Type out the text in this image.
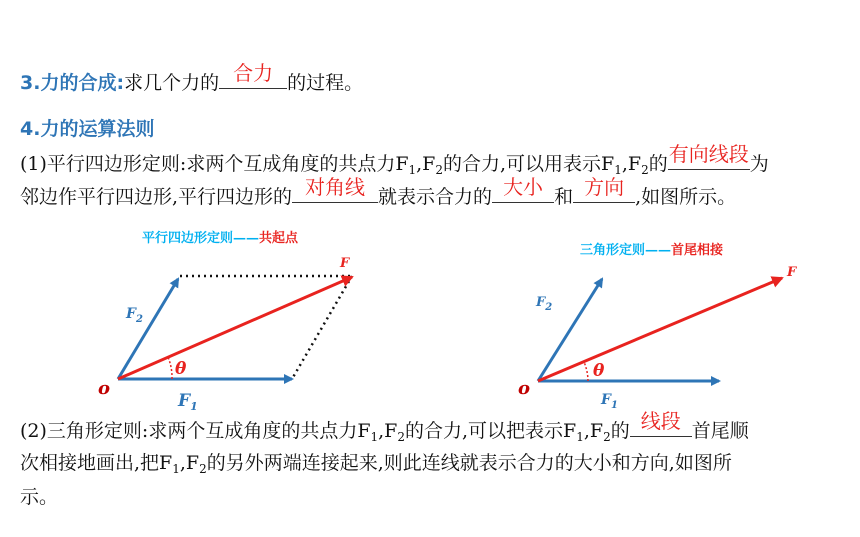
3.力的合成:求几个力的 合力 的过程。
4.力的运算法则
(1)平行四边形定则:求两个互成角度的共点力$F_1,F_2$的合力,可以用表示$F_1,F_2$的 有向线段 为
邻边作平行四边形,平行四边形的 对角线 就表示合力的 大小 和 方向 ,如图所示。
平行四边形定则——共起点
θ
o
F
$F_2$
$F_1$
三角形定则——首尾相接
θ
o
F
$F_2$
$F_1$
(2)三角形定则:求两个互成角度的共点力$F_1,F_2$的合力,可以把表示$F_1,F_2$的 线段 首尾顺
次相接地画出,把$F_1,F_2$的另外两端连接起来,则此连线就表示合力的大小和方向,如图所
示。
